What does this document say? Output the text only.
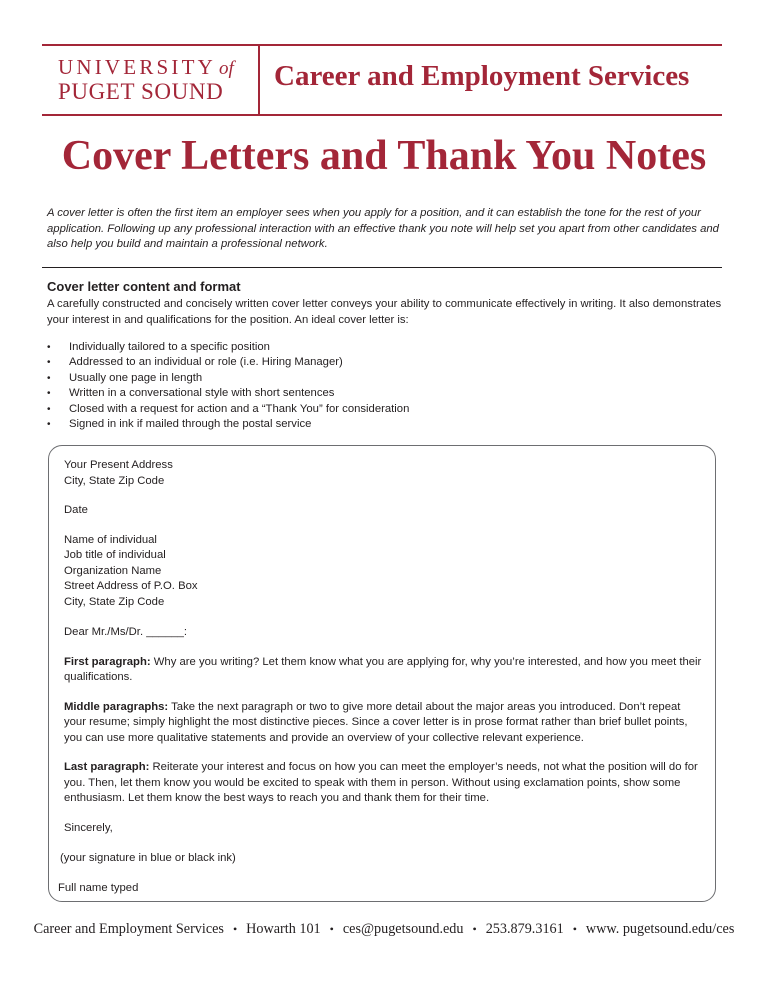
UNIVERSITY of
PUGET SOUND	Career and Employment Services
Cover Letters and Thank You Notes

A cover letter is often the first item an employer sees when you apply for a position, and it can establish the tone for the rest of your application. Following up any professional interaction with an effective thank you note will help set you apart from other candidates and also help you build and maintain a professional network.

Cover letter content and format

A carefully constructed and concisely written cover letter conveys your ability to communicate effectively in writing. It also demonstrates your interest in and qualifications for the position. An ideal cover letter is:

•	Individually tailored to a specific position
•	Addressed to an individual or role (i.e. Hiring Manager)
•	Usually one page in length
•	Written in a conversational style with short sentences
•	Closed with a request for action and a “Thank You” for consideration
•	Signed in ink if mailed through the postal service
Your Present Address
City, State Zip Code
Date
Name of individual
Job title of individual
Organization Name
Street Address of P.O. Box
City, State Zip Code
Dear Mr./Ms/Dr. ______:

First paragraph: Why are you writing? Let them know what you are applying for, why you’re interested, and how you meet their qualifications.

Middle paragraphs: Take the next paragraph or two to give more detail about the major areas you introduced. Don’t repeat your resume; simply highlight the most distinctive pieces. Since a cover letter is in prose format rather than brief bullet points, you can use more qualitative statements and provide an overview of your collective relevant experience.

Last paragraph: Reiterate your interest and focus on how you can meet the employer’s needs, not what the position will do for you. Then, let them know you would be excited to speak with them in person. Without using exclamation points, show some enthusiasm. Let them know the best ways to reach you and thank them for their time.

Sincerely,
(your signature in blue or black ink)
Full name typed
Career and Employment Services • Howarth 101 • ces@pugetsound.edu • 253.879.3161 • www. pugetsound.edu/ces
